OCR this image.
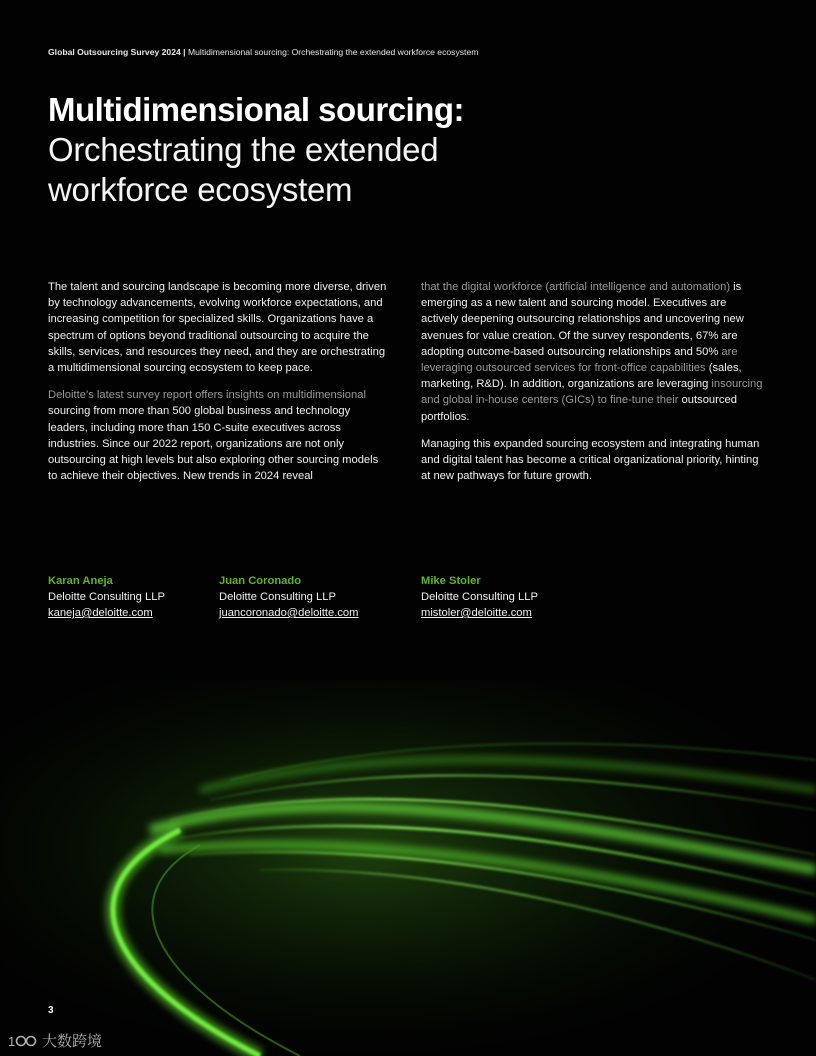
Global Outsourcing Survey 2024 | Multidimensional sourcing: Orchestrating the extended workforce ecosystem
Multidimensional sourcing:
Orchestrating the extended
workforce ecosystem

The talent and sourcing landscape is becoming more diverse, driven by technology advancements, evolving workforce expectations, and increasing competition for specialized skills. Organizations have a spectrum of options beyond traditional outsourcing to acquire the skills, services, and resources they need, and they are orchestrating a multidimensional sourcing ecosystem to keep pace.

Deloitte’s latest survey report offers insights on multidimensional sourcing from more than 500 global business and technology leaders, including more than 150 C-suite executives across industries. Since our 2022 report, organizations are not only outsourcing at high levels but also exploring other sourcing models to achieve their objectives. New trends in 2024 reveal

that the digital workforce (artificial intelligence and automation) is emerging as a new talent and sourcing model. Executives are actively deepening outsourcing relationships and uncovering new avenues for value creation. Of the survey respondents, 67% are adopting outcome-based outsourcing relationships and 50% are leveraging outsourced services for front-office capabilities (sales, marketing, R&D). In addition, organizations are leveraging insourcing and global in-house centers (GICs) to fine-tune their outsourced portfolios.

Managing this expanded sourcing ecosystem and integrating human and digital talent has become a critical organizational priority, hinting at new pathways for future growth.

Karan Aneja
Deloitte Consulting LLP
kaneja@deloitte.com
Juan Coronado
Deloitte Consulting LLP
juancoronado@deloitte.com
Mike Stoler
Deloitte Consulting LLP
mistoler@deloitte.com
3
1 大数跨境
